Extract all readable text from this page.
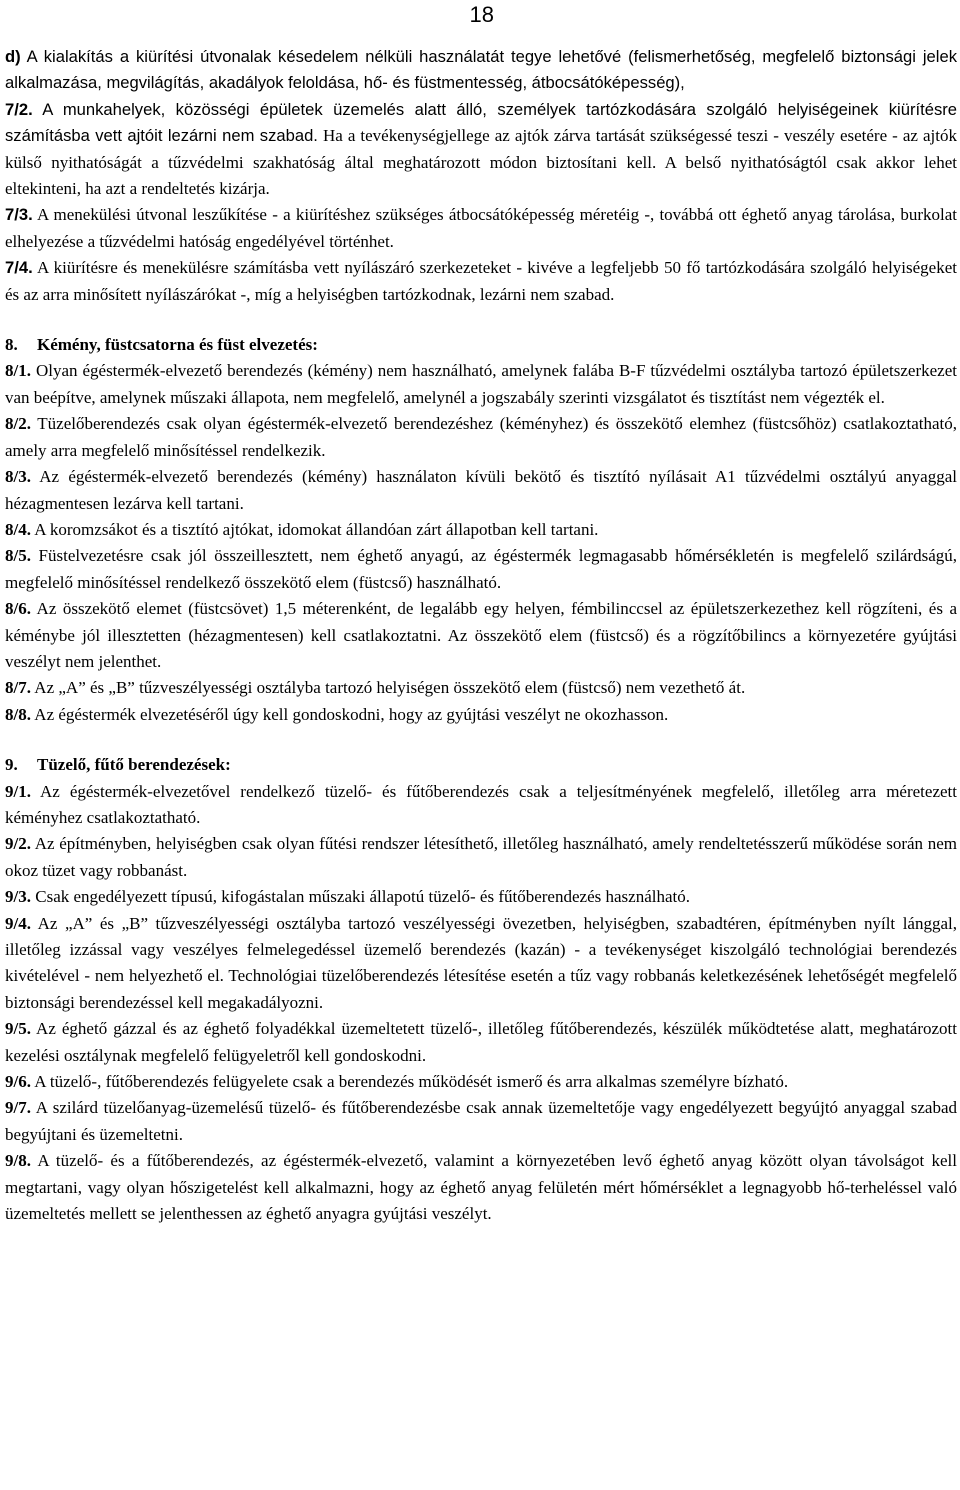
18

d) A kialakítás a kiürítési útvonalak késedelem nélküli használatát tegye lehetővé (felismerhetőség, megfelelő biztonsági jelek alkalmazása, megvilágítás, akadályok feloldása, hő- és füstmentesség, átbocsátóképesség),

7/2. A munkahelyek, közösségi épületek üzemelés alatt álló, személyek tartózkodására szolgáló helyiségeinek kiürítésre számításba vett ajtóit lezárni nem szabad. Ha a tevékenységjellege az ajtók zárva tartását szükségessé teszi - veszély esetére - az ajtók külső nyithatóságát a tűzvédelmi szakhatóság által meghatározott módon biztosítani kell. A belső nyithatóságtól csak akkor lehet eltekinteni, ha azt a rendeltetés kizárja.

7/3. A menekülési útvonal leszűkítése - a kiürítéshez szükséges átbocsátóképesség méretéig -, továbbá ott éghető anyag tárolása, burkolat elhelyezése a tűzvédelmi hatóság engedélyével történhet.

7/4. A kiürítésre és menekülésre számításba vett nyílászáró szerkezeteket - kivéve a legfeljebb 50 fő tartózkodására szolgáló helyiségeket és az arra minősített nyílászárókat -, míg a helyiségben tartózkodnak, lezárni nem szabad.

8. Kémény, füstcsatorna és füst elvezetés:

8/1. Olyan égéstermék-elvezető berendezés (kémény) nem használható, amelynek falába B-F tűzvédelmi osztályba tartozó épületszerkezet van beépítve, amelynek műszaki állapota, nem megfelelő, amelynél a jogszabály szerinti vizsgálatot és tisztítást nem végezték el.

8/2. Tüzelőberendezés csak olyan égéstermék-elvezető berendezéshez (kéményhez) és összekötő elemhez (füstcsőhöz) csatlakoztatható, amely arra megfelelő minősítéssel rendelkezik.

8/3. Az égéstermék-elvezető berendezés (kémény) használaton kívüli bekötő és tisztító nyílásait A1 tűzvédelmi osztályú anyaggal hézagmentesen lezárva kell tartani.

8/4. A koromzsákot és a tisztító ajtókat, idomokat állandóan zárt állapotban kell tartani.

8/5. Füstelvezetésre csak jól összeillesztett, nem éghető anyagú, az égéstermék legmagasabb hőmérsékletén is megfelelő szilárdságú, megfelelő minősítéssel rendelkező összekötő elem (füstcső) használható.

8/6. Az összekötő elemet (füstcsövet) 1,5 méterenként, de legalább egy helyen, fémbilinccsel az épületszerkezethez kell rögzíteni, és a kéménybe jól illesztetten (hézagmentesen) kell csatlakoztatni. Az összekötő elem (füstcső) és a rögzítőbilincs a környezetére gyújtási veszélyt nem jelenthet.

8/7. Az „A” és „B” tűzveszélyességi osztályba tartozó helyiségen összekötő elem (füstcső) nem vezethető át.

8/8. Az égéstermék elvezetéséről úgy kell gondoskodni, hogy az gyújtási veszélyt ne okozhasson.

9. Tüzelő, fűtő berendezések:

9/1. Az égéstermék-elvezetővel rendelkező tüzelő- és fűtőberendezés csak a teljesítményének megfelelő, illetőleg arra méretezett kéményhez csatlakoztatható.

9/2. Az építményben, helyiségben csak olyan fűtési rendszer létesíthető, illetőleg használható, amely rendeltetésszerű működése során nem okoz tüzet vagy robbanást.

9/3. Csak engedélyezett típusú, kifogástalan műszaki állapotú tüzelő- és fűtőberendezés használható.

9/4. Az „A” és „B” tűzveszélyességi osztályba tartozó veszélyességi övezetben, helyiségben, szabadtéren, építményben nyílt lánggal, illetőleg izzással vagy veszélyes felmelegedéssel üzemelő berendezés (kazán) - a tevékenységet kiszolgáló technológiai berendezés kivételével - nem helyezhető el. Technológiai tüzelőberendezés létesítése esetén a tűz vagy robbanás keletkezésének lehetőségét megfelelő biztonsági berendezéssel kell megakadályozni.

9/5. Az éghető gázzal és az éghető folyadékkal üzemeltetett tüzelő-, illetőleg fűtőberendezés, készülék működtetése alatt, meghatározott kezelési osztálynak megfelelő felügyeletről kell gondoskodni.

9/6. A tüzelő-, fűtőberendezés felügyelete csak a berendezés működését ismerő és arra alkalmas személyre bízható.

9/7. A szilárd tüzelőanyag-üzemelésű tüzelő- és fűtőberendezésbe csak annak üzemeltetője vagy engedélyezett begyújtó anyaggal szabad begyújtani és üzemeltetni.

9/8. A tüzelő- és a fűtőberendezés, az égéstermék-elvezető, valamint a környezetében levő éghető anyag között olyan távolságot kell megtartani, vagy olyan hőszigetelést kell alkalmazni, hogy az éghető anyag felületén mért hőmérséklet a legnagyobb hő-terheléssel való üzemeltetés mellett se jelenthessen az éghető anyagra gyújtási veszélyt.
